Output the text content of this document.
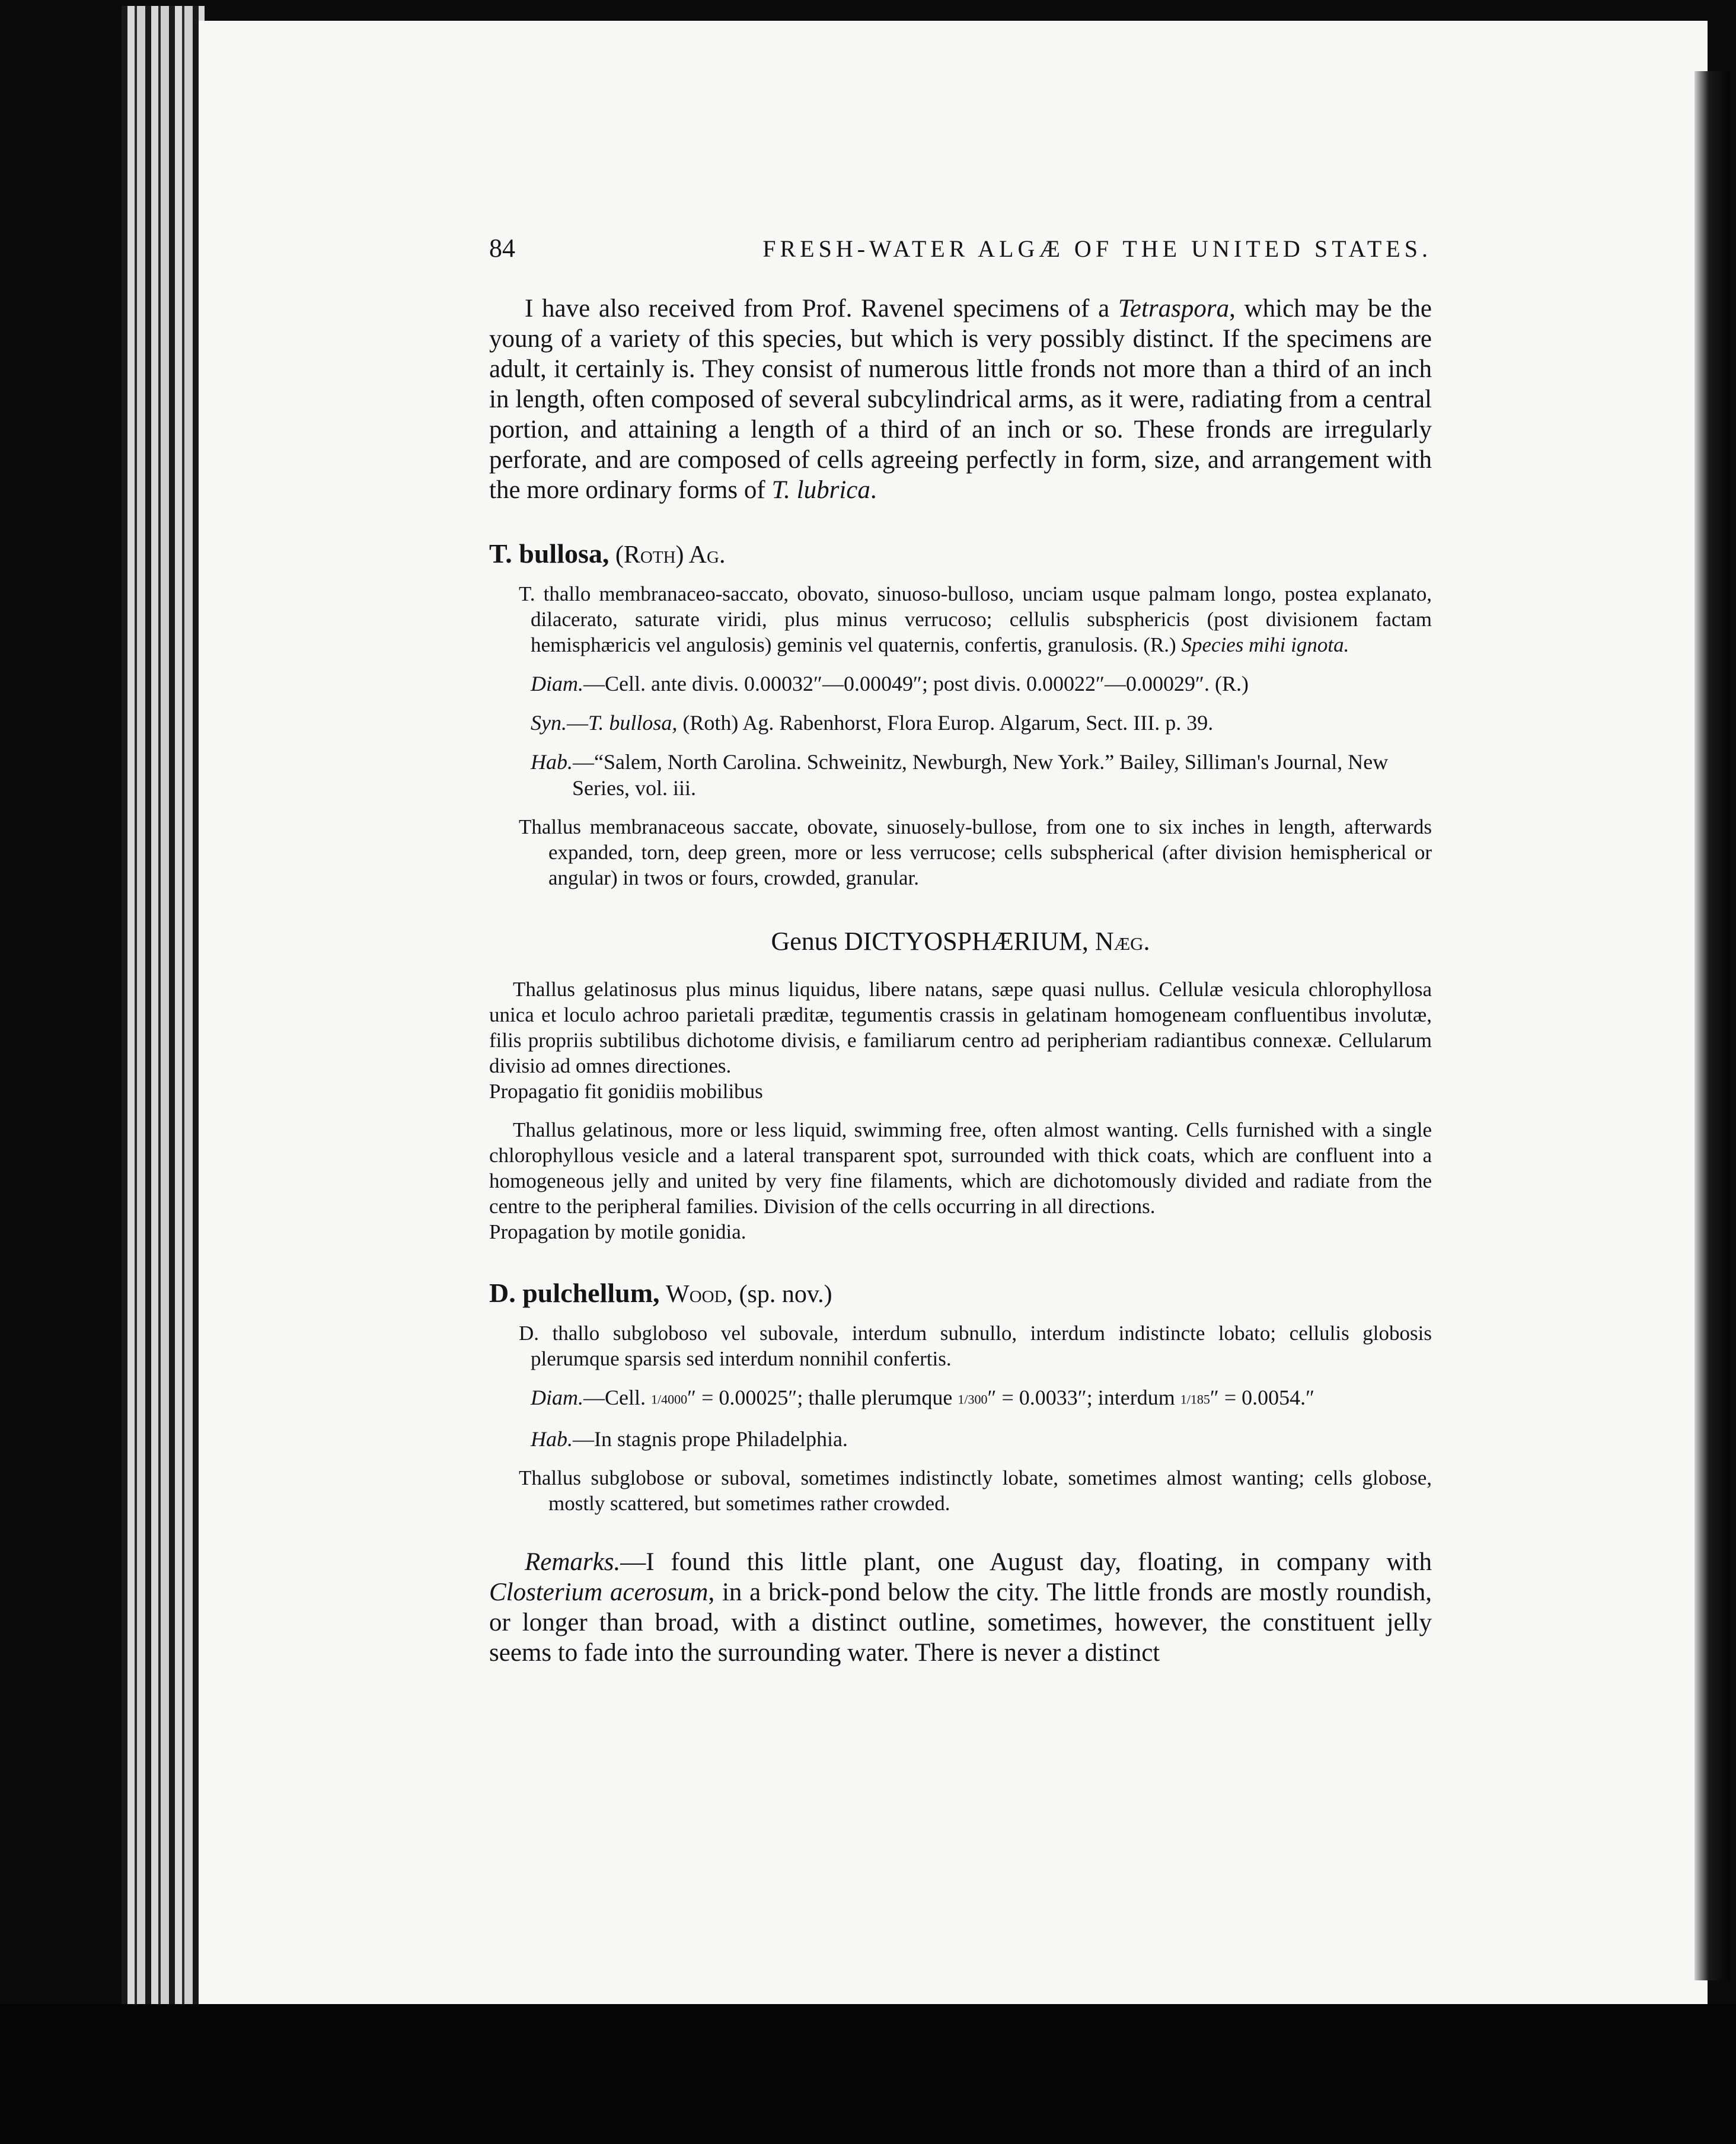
84	FRESH-WATER ALGÆ OF THE UNITED STATES.

I have also received from Prof. Ravenel specimens of a Tetraspora, which may be the young of a variety of this species, but which is very possibly distinct. If the specimens are adult, it certainly is. They consist of numerous little fronds not more than a third of an inch in length, often composed of several subcylindrical arms, as it were, radiating from a central portion, and attaining a length of a third of an inch or so. These fronds are irregularly perforate, and are composed of cells agreeing perfectly in form, size, and arrangement with the more ordinary forms of T. lubrica.

T. bullosa, (Roth) Ag.

T. thallo membranaceo-saccato, obovato, sinuoso-bulloso, unciam usque palmam longo, postea explanato, dilacerato, saturate viridi, plus minus verrucoso; cellulis subsphericis (post divisionem factam hemisphæricis vel angulosis) geminis vel quaternis, confertis, granulosis. (R.) Species mihi ignota.

Diam.—Cell. ante divis. 0.00032″—0.00049″; post divis. 0.00022″—0.00029″. (R.)

Syn.—T. bullosa, (Roth) Ag. Rabenhorst, Flora Europ. Algarum, Sect. III. p. 39.

Hab.—“Salem, North Carolina. Schweinitz, Newburgh, New York.” Bailey, Silliman's Journal, New Series, vol. iii.

Thallus membranaceous saccate, obovate, sinuosely-bullose, from one to six inches in length, afterwards expanded, torn, deep green, more or less verrucose; cells subspherical (after division hemispherical or angular) in twos or fours, crowded, granular.

Genus DICTYOSPHÆRIUM, Næg.

Thallus gelatinosus plus minus liquidus, libere natans, sæpe quasi nullus. Cellulæ vesicula chlorophyllosa unica et loculo achroo parietali præditæ, tegumentis crassis in gelatinam homogeneam confluentibus involutæ, filis propriis subtilibus dichotome divisis, e familiarum centro ad peripheriam radiantibus connexæ. Cellularum divisio ad omnes directiones.

Propagatio fit gonidiis mobilibus

Thallus gelatinous, more or less liquid, swimming free, often almost wanting. Cells furnished with a single chlorophyllous vesicle and a lateral transparent spot, surrounded with thick coats, which are confluent into a homogeneous jelly and united by very fine filaments, which are dichotomously divided and radiate from the centre to the peripheral families. Division of the cells occurring in all directions.

Propagation by motile gonidia.

D. pulchellum, Wood, (sp. nov.)

D. thallo subgloboso vel subovale, interdum subnullo, interdum indistincte lobato; cellulis globosis plerumque sparsis sed interdum nonnihil confertis.

Diam.—Cell. 1/4000″ = 0.00025″; thalle plerumque 1/300″ = 0.0033″; interdum 1/185″ = 0.0054.″

Hab.—In stagnis prope Philadelphia.

Thallus subglobose or suboval, sometimes indistinctly lobate, sometimes almost wanting; cells globose, mostly scattered, but sometimes rather crowded.

Remarks.—I found this little plant, one August day, floating, in company with Closterium acerosum, in a brick-pond below the city. The little fronds are mostly roundish, or longer than broad, with a distinct outline, sometimes, however, the constituent jelly seems to fade into the surrounding water. There is never a distinct
